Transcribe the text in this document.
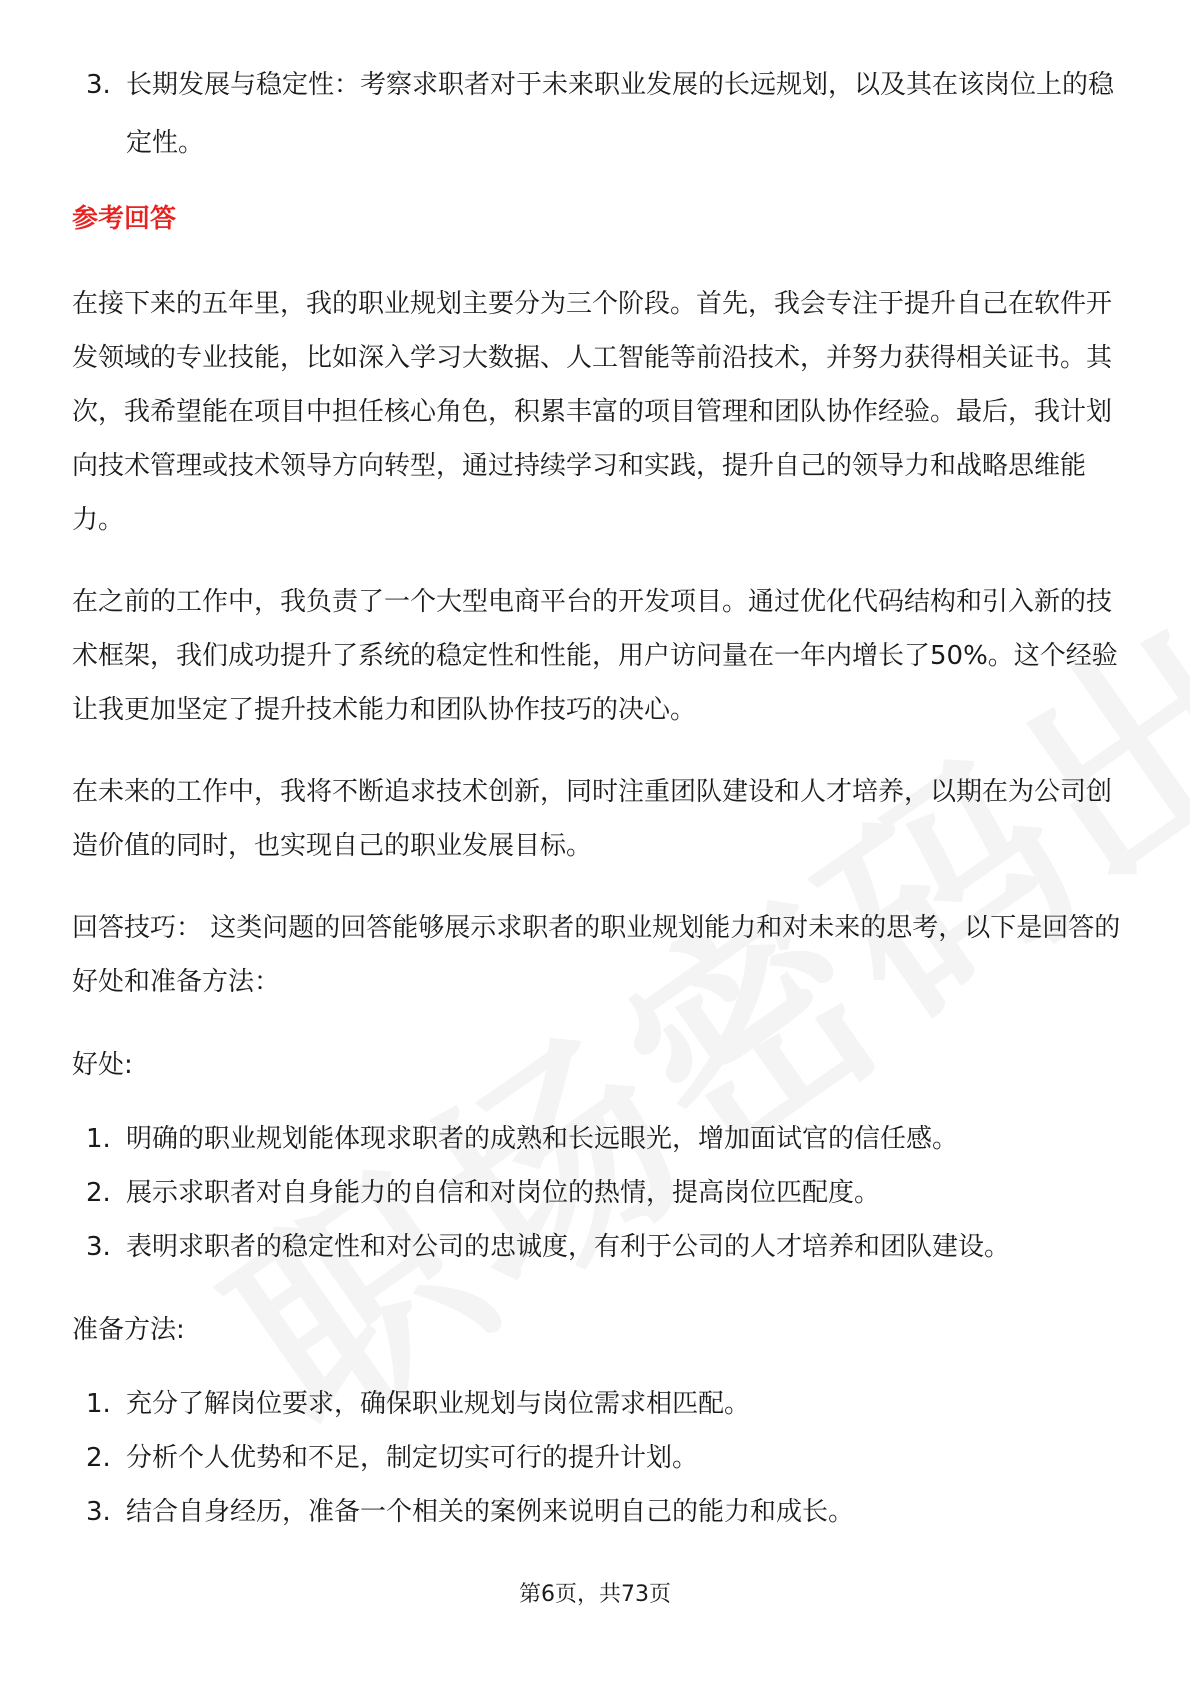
3. 长期发展与稳定性：考察求职者对于未来职业发展的长远规划，以及其在该岗位上的稳定性。

参考回答

在接下来的五年里，我的职业规划主要分为三个阶段。首先，我会专注于提升自己在软件开发领域的专业技能，比如深入学习大数据、人工智能等前沿技术，并努力获得相关证书。其次，我希望能在项目中担任核心角色，积累丰富的项目管理和团队协作经验。最后，我计划向技术管理或技术领导方向转型，通过持续学习和实践，提升自己的领导力和战略思维能力。

在之前的工作中，我负责了一个大型电商平台的开发项目。通过优化代码结构和引入新的技术框架，我们成功提升了系统的稳定性和性能，用户访问量在一年内增长了50%。这个经验让我更加坚定了提升技术能力和团队协作技巧的决心。

在未来的工作中，我将不断追求技术创新，同时注重团队建设和人才培养，以期在为公司创造价值的同时，也实现自己的职业发展目标。

回答技巧： 这类问题的回答能够展示求职者的职业规划能力和对未来的思考，以下是回答的好处和准备方法：

好处:

1. 明确的职业规划能体现求职者的成熟和长远眼光，增加面试官的信任感。
2. 展示求职者对自身能力的自信和对岗位的热情，提高岗位匹配度。
3. 表明求职者的稳定性和对公司的忠诚度，有利于公司的人才培养和团队建设。

准备方法:

1. 充分了解岗位要求，确保职业规划与岗位需求相匹配。
2. 分析个人优势和不足，制定切实可行的提升计划。
3. 结合自身经历，准备一个相关的案例来说明自己的能力和成长。
第6页，共73页
